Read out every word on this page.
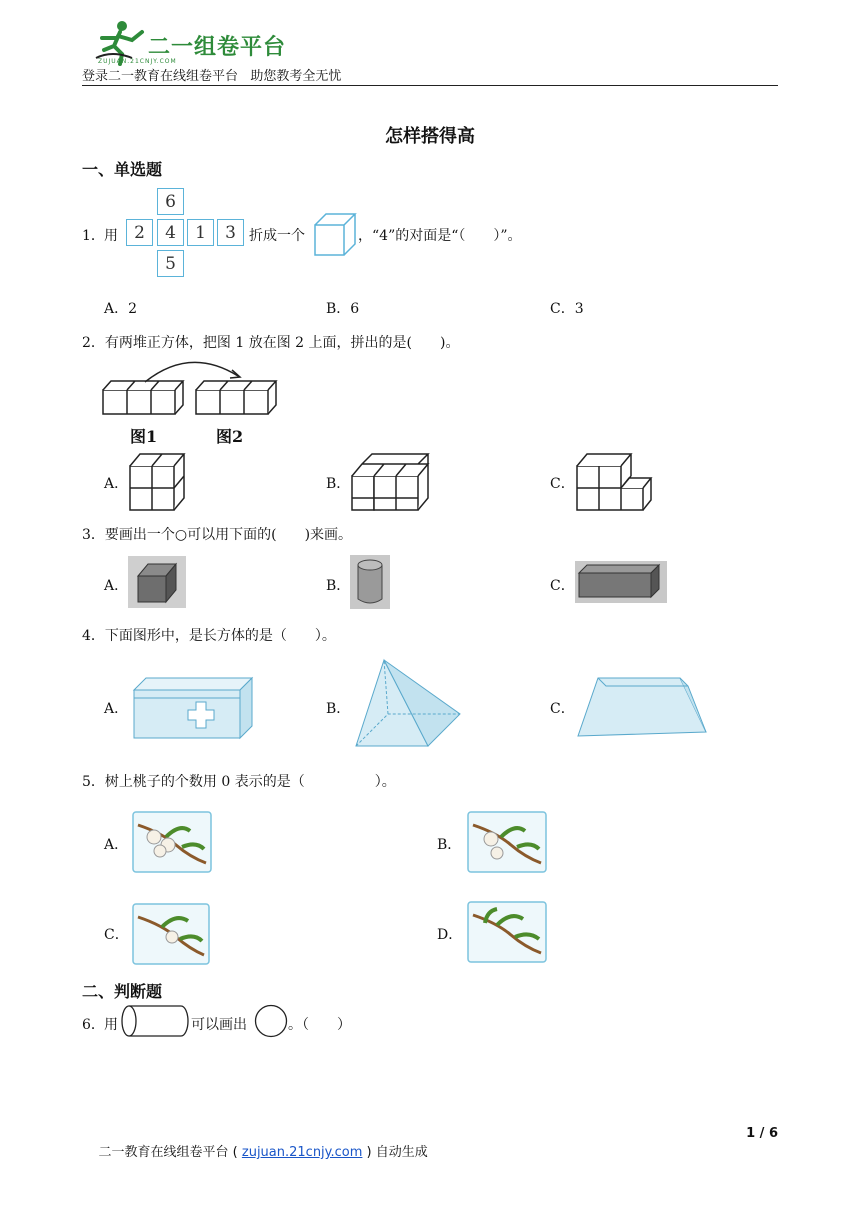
二一组卷平台
ZUJUAN.21CNJY.COM
登录二一教育在线组卷平台   助您教考全无忧
怎样搭得高
一、单选题
1． 用
6
2	4	1	3
5
折成一个	，“4”的对面是“（　　）”。
A．2	B．6	C．3
2．有两堆正方体，把图 1 放在图 2 上面，拼出的是(　　)。
图1	图2
A．	B．	C．
3．要画出一个○可以用下面的(　　)来画。
A．	B．	C．
4．下面图形中，是长方体的是（　　）。
A．	B．	C．
5．树上桃子的个数用 0 表示的是（　　　　　）。
A．	B．
C．	D．
二、判断题
6． 用	可以画出	。（　　）

二一教育在线组卷平台 ( zujuan.21cnjy.com ) 自动生成

1 / 6
